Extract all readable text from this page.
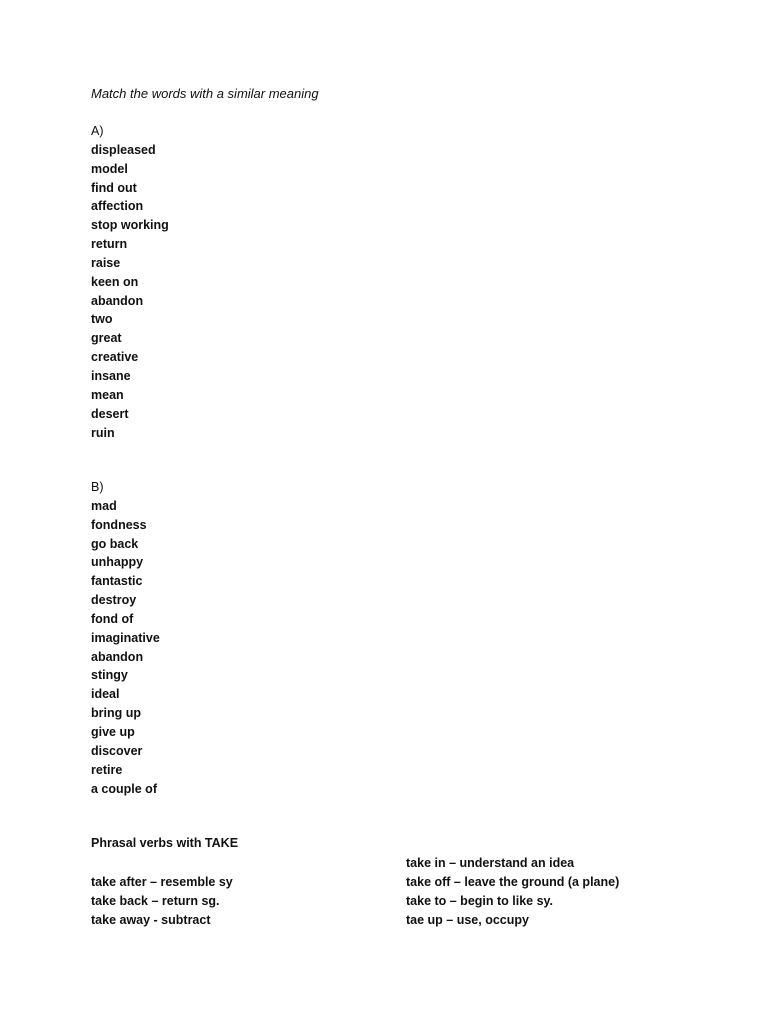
Match the words with a similar meaning
A)
displeased
model
find out
affection
stop working
return
raise
keen on
abandon
two
great
creative
insane
mean
desert
ruin
B)
mad
fondness
go back
unhappy
fantastic
destroy
fond of
imaginative
abandon
stingy
ideal
bring up
give up
discover
retire
a couple of
Phrasal verbs with TAKE
take after – resemble sy
take back – return sg.
take away - subtract
take in – understand an idea
take off – leave the ground (a plane)
take to – begin to like sy.
tae up – use, occupy
